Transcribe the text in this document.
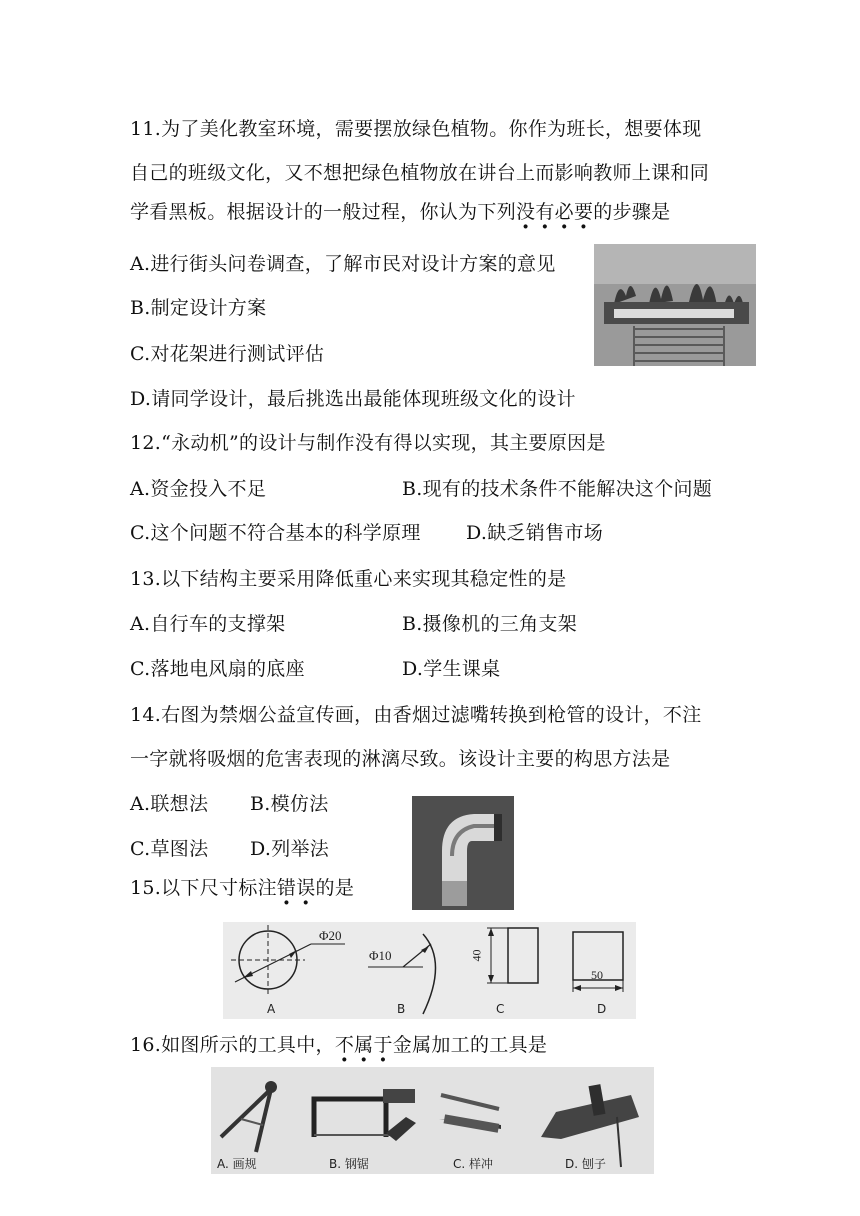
11.为了美化教室环境，需要摆放绿色植物。你作为班长，想要体现
自己的班级文化，又不想把绿色植物放在讲台上而影响教师上课和同
学看黑板。根据设计的一般过程，你认为下列没有必要的步骤是
A.进行街头问卷调查，了解市民对设计方案的意见
B.制定设计方案
C.对花架进行测试评估
D.请同学设计，最后挑选出最能体现班级文化的设计
12.“永动机”的设计与制作没有得以实现，其主要原因是
A.资金投入不足	B.现有的技术条件不能解决这个问题
C.这个问题不符合基本的科学原理 D.缺乏销售市场
13.以下结构主要采用降低重心来实现其稳定性的是
A.自行车的支撑架	B.摄像机的三角支架
C.落地电风扇的底座	D.学生课桌
14.右图为禁烟公益宣传画，由香烟过滤嘴转换到枪管的设计，不注
一字就将吸烟的危害表现的淋漓尽致。该设计主要的构思方法是
A.联想法 B.模仿法
C.草图法 D.列举法
15.以下尺寸标注错误的是
Φ20
Φ10	40
50
A	B	C	D
16.如图所示的工具中，不属于金属加工的工具是
A. 画规	B. 钢锯	C. 样冲	D. 刨子
